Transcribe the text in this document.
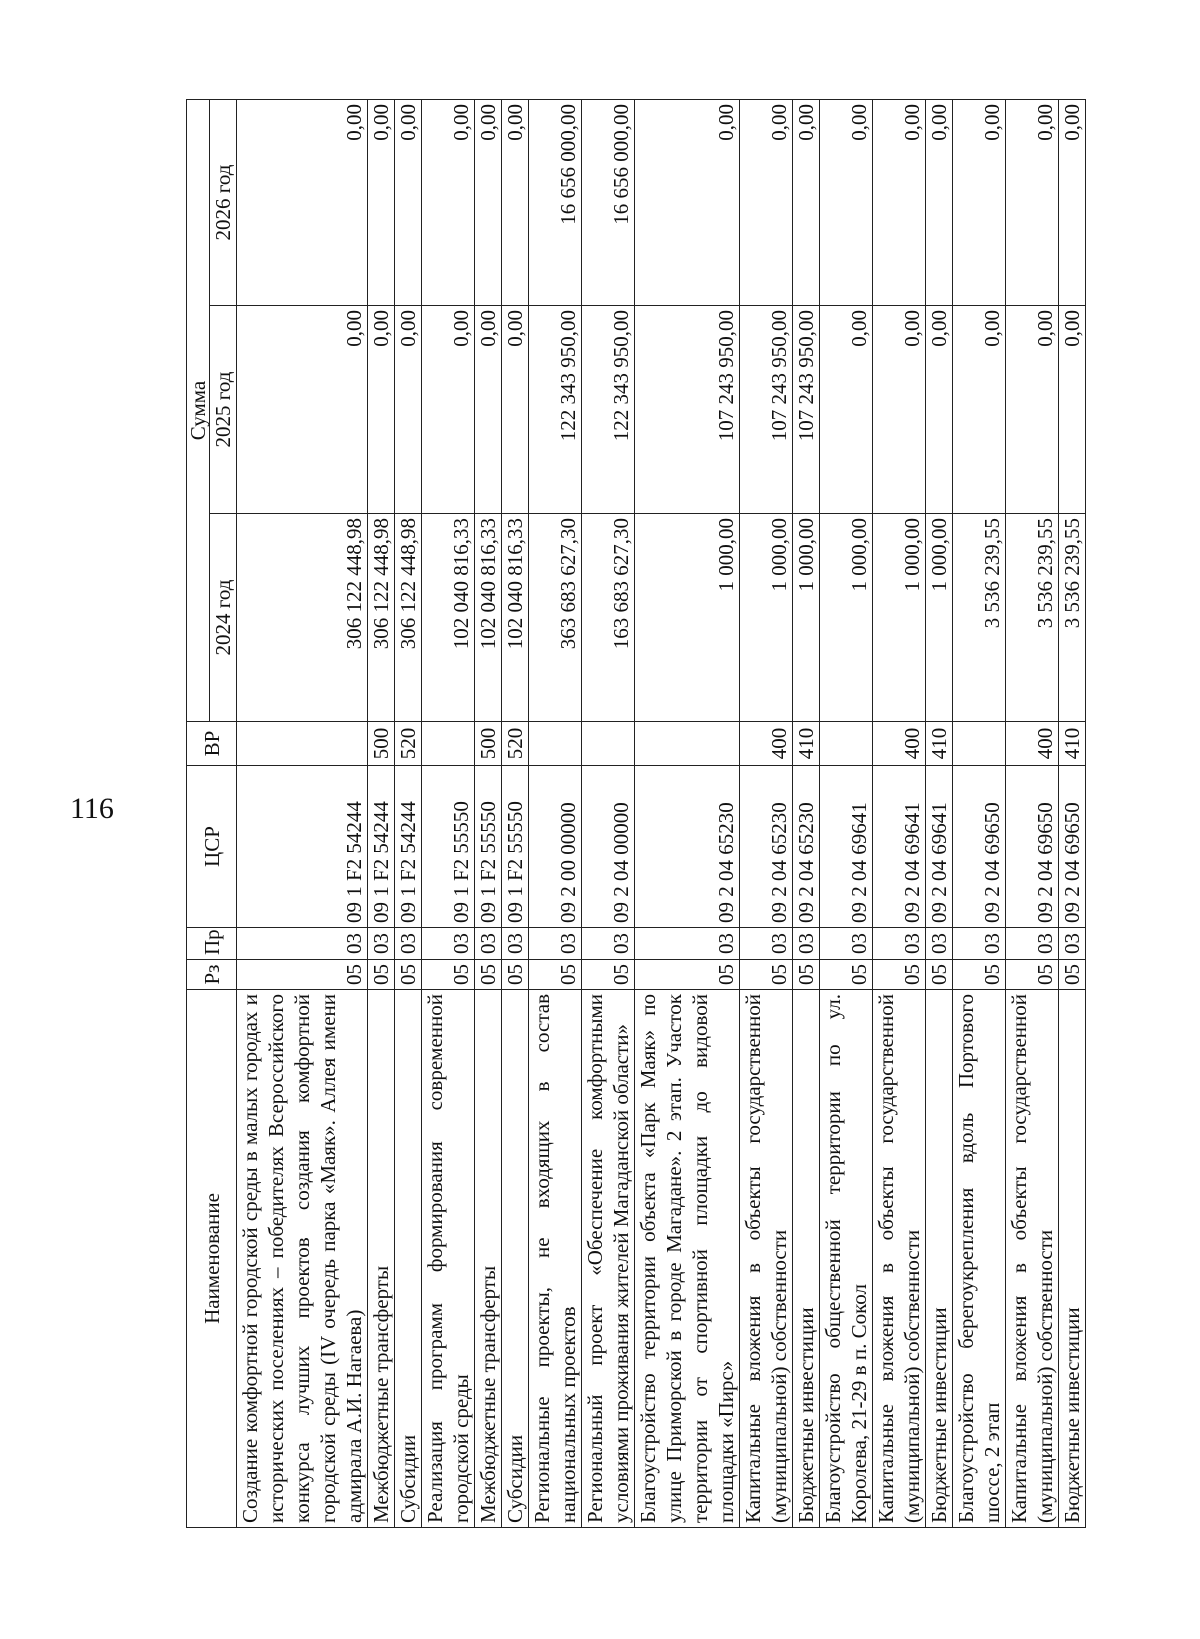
116
Наименование	Рз	Пр	ЦСР	ВР	Сумма		
					2024 год	2025 год	2026 год
Создание комфортной городской среды в малых городах и исторических поселениях – победителях Всероссийского конкурса лучших проектов создания комфортной городской среды (IV очередь парка «Маяк». Аллея имени адмирала А.И. Нагаева)	05	03	09 1 F2 54244		306 122 448,98	0,00	0,00
Межбюджетные трансферты	05	03	09 1 F2 54244	500	306 122 448,98	0,00	0,00
Субсидии	05	03	09 1 F2 54244	520	306 122 448,98	0,00	0,00
Реализация программ формирования современной городской среды	05	03	09 1 F2 55550		102 040 816,33	0,00	0,00
Межбюджетные трансферты	05	03	09 1 F2 55550	500	102 040 816,33	0,00	0,00
Субсидии	05	03	09 1 F2 55550	520	102 040 816,33	0,00	0,00
Региональные проекты, не входящих в состав национальных проектов	05	03	09 2 00 00000		363 683 627,30	122 343 950,00	16 656 000,00
Региональный проект «Обеспечение комфортными условиями проживания жителей Магаданской области»	05	03	09 2 04 00000		163 683 627,30	122 343 950,00	16 656 000,00
Благоустройство территории объекта «Парк Маяк» по улице Приморской в городе Магадане». 2 этап. Участок территории от спортивной площадки до видовой площадки «Пирс»	05	03	09 2 04 65230		1 000,00	107 243 950,00	0,00
Капитальные вложения в объекты государственной (муниципальной) собственности	05	03	09 2 04 65230	400	1 000,00	107 243 950,00	0,00
Бюджетные инвестиции	05	03	09 2 04 65230	410	1 000,00	107 243 950,00	0,00
Благоустройство общественной территории по ул. Королева, 21-29 в п. Сокол	05	03	09 2 04 69641		1 000,00	0,00	0,00
Капитальные вложения в объекты государственной (муниципальной) собственности	05	03	09 2 04 69641	400	1 000,00	0,00	0,00
Бюджетные инвестиции	05	03	09 2 04 69641	410	1 000,00	0,00	0,00
Благоустройство берегоукрепления вдоль Портового шоссе, 2 этап	05	03	09 2 04 69650		3 536 239,55	0,00	0,00
Капитальные вложения в объекты государственной (муниципальной) собственности	05	03	09 2 04 69650	400	3 536 239,55	0,00	0,00
Бюджетные инвестиции	05	03	09 2 04 69650	410	3 536 239,55	0,00	0,00
